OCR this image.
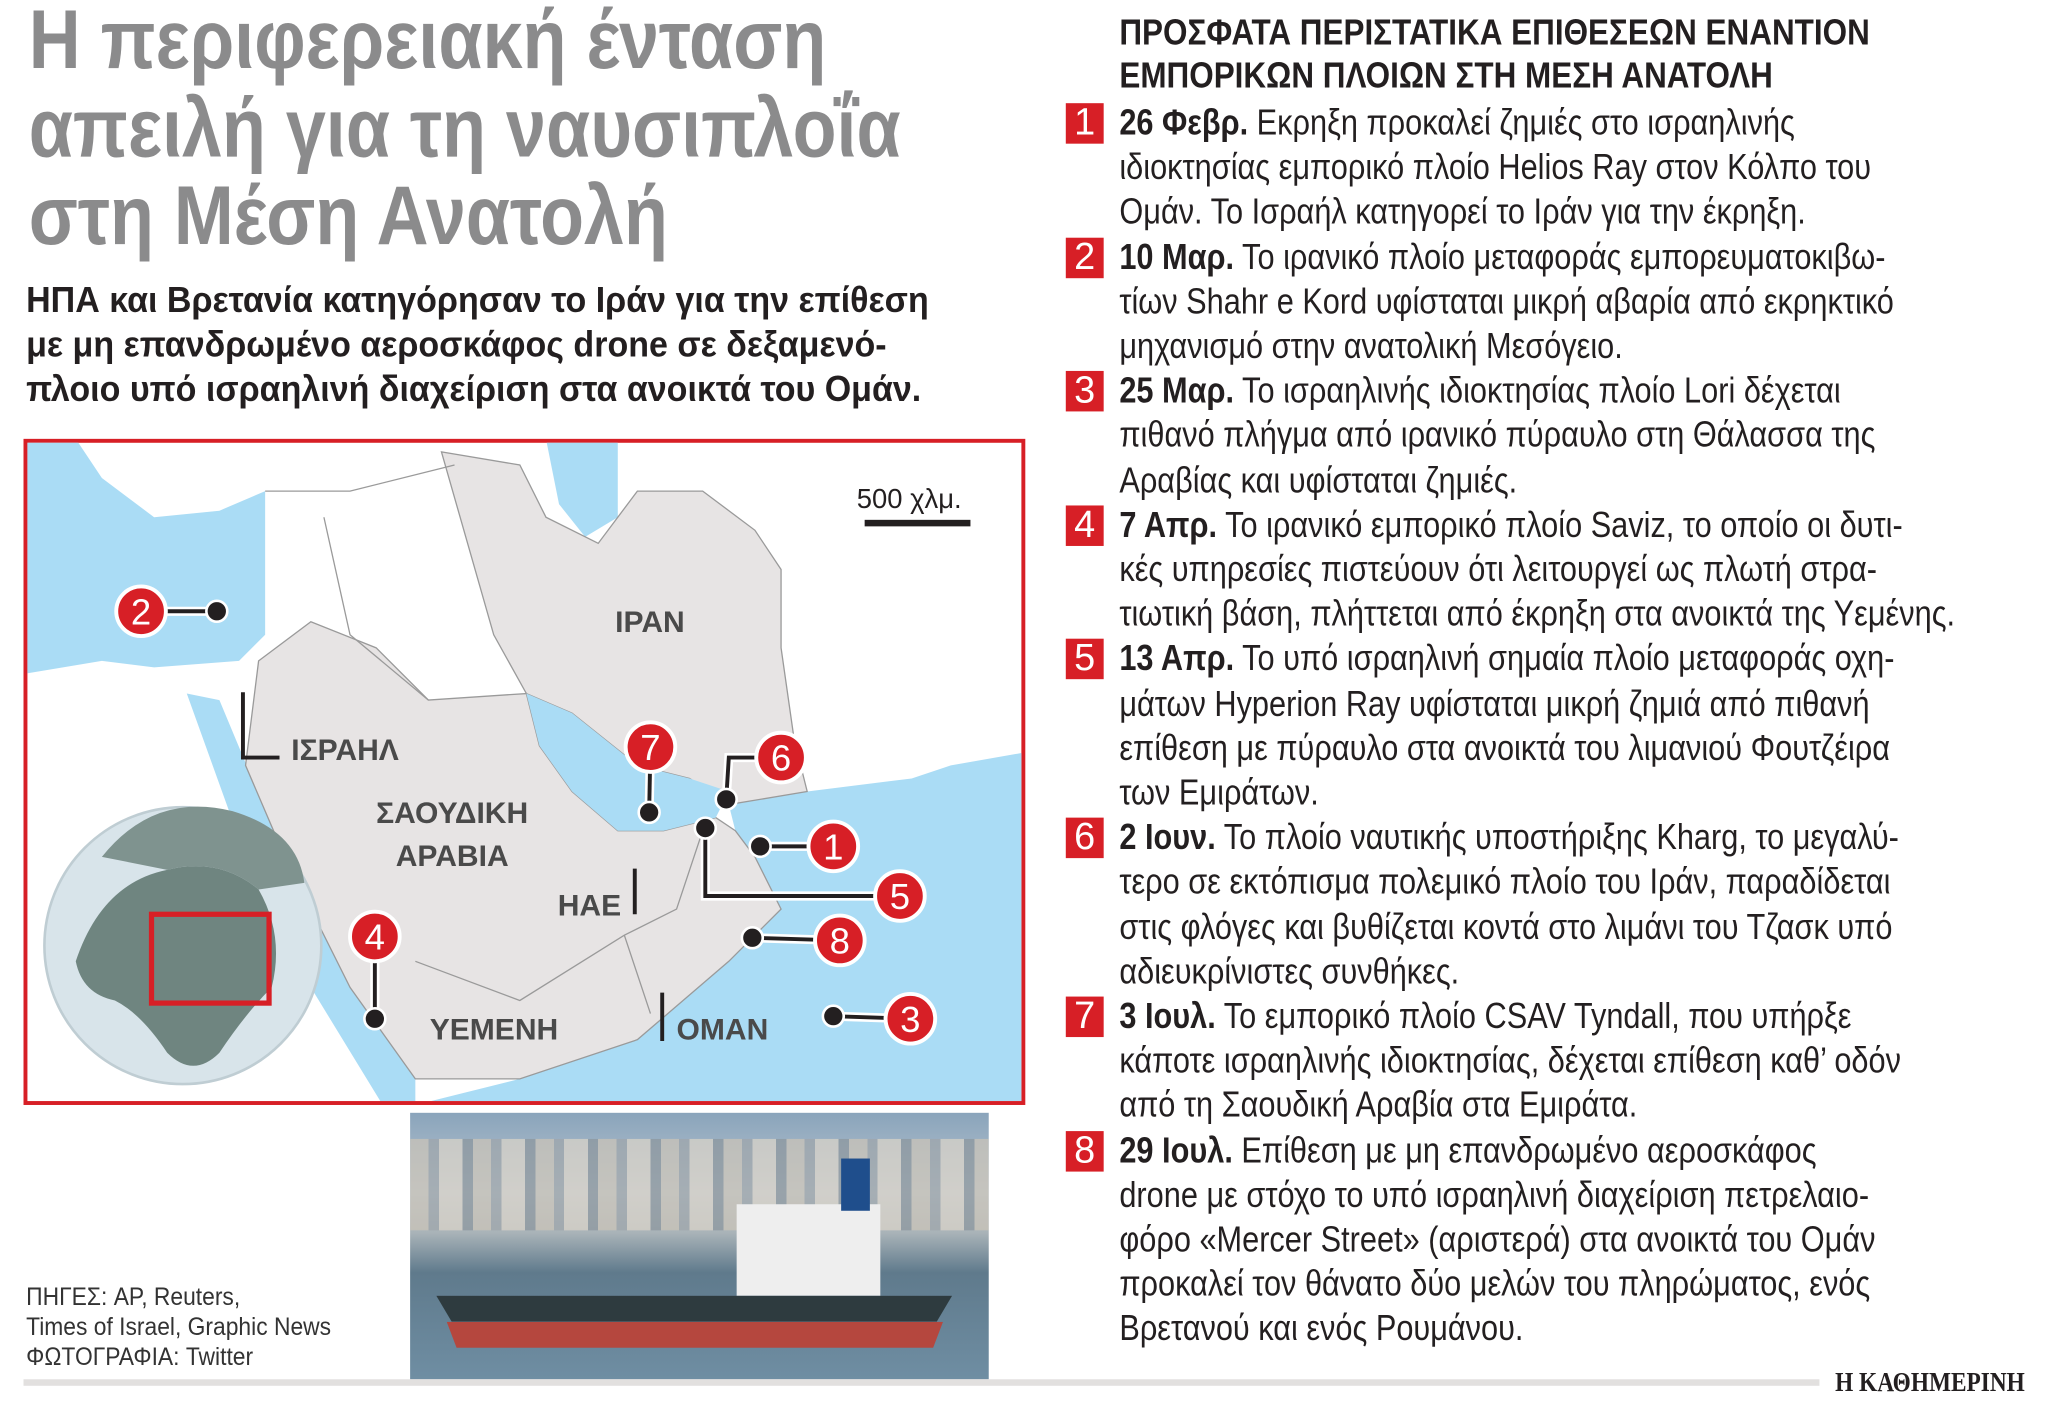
Η περιφερειακή ένταση
απειλή για τη ναυσιπλοΐα
στη Μέση Ανατολή
ΗΠΑ και Βρετανία κατηγόρησαν το Ιράν για την επίθεση
με μη επανδρωμένο αεροσκάφος drone σε δεξαμενό-
πλοιο υπό ισραηλινή διαχείριση στα ανοικτά του Ομάν.
500 χλμ.
ΙΡΑΝ
ΙΣΡΑΗΛ
ΣΑΟΥΔΙΚΗ
ΑΡΑΒΙΑ
ΗΑΕ
ΥΕΜΕΝΗ	ΟΜΑΝ
1
2
3
4
5
6
7
8
ΠΗΓΕΣ: AP, Reuters,
Times of Israel, Graphic News
ΦΩΤΟΓΡΑΦΙΑ: Twitter
ΠΡΟΣΦΑΤΑ ΠΕΡΙΣΤΑΤΙΚΑ ΕΠΙΘΕΣΕΩΝ ΕΝΑΝΤΙΟΝ
ΕΜΠΟΡΙΚΩΝ ΠΛΟΙΩΝ ΣΤΗ ΜΕΣΗ ΑΝΑΤΟΛΗ
1 26 Φεβρ. Εκρηξη προκαλεί ζημιές στο ισραηλινής
ιδιοκτησίας εμπορικό πλοίο Helios Ray στον Κόλπο του
Ομάν. Το Ισραήλ κατηγορεί το Ιράν για την έκρηξη.
2 10 Μαρ. Το ιρανικό πλοίο μεταφοράς εμπορευματοκιβω-
τίων Shahr e Kord υφίσταται μικρή αβαρία από εκρηκτικό
μηχανισμό στην ανατολική Μεσόγειο.
3 25 Μαρ. Το ισραηλινής ιδιοκτησίας πλοίο Lori δέχεται
πιθανό πλήγμα από ιρανικό πύραυλο στη Θάλασσα της
Αραβίας και υφίσταται ζημιές.
4 7 Απρ. Το ιρανικό εμπορικό πλοίο Saviz, το οποίο οι δυτι-
κές υπηρεσίες πιστεύουν ότι λειτουργεί ως πλωτή στρα-
τιωτική βάση, πλήττεται από έκρηξη στα ανοικτά της Υεμένης.
5 13 Απρ. Το υπό ισραηλινή σημαία πλοίο μεταφοράς οχη-
μάτων Hyperion Ray υφίσταται μικρή ζημιά από πιθανή
επίθεση με πύραυλο στα ανοικτά του λιμανιού Φουτζέιρα
των Εμιράτων.
6 2 Ιουν. Το πλοίο ναυτικής υποστήριξης Kharg, το μεγαλύ-
τερο σε εκτόπισμα πολεμικό πλοίο του Ιράν, παραδίδεται
στις φλόγες και βυθίζεται κοντά στο λιμάνι του Τζασκ υπό
αδιευκρίνιστες συνθήκες.
7 3 Ιουλ. Το εμπορικό πλοίο CSAV Tyndall, που υπήρξε
κάποτε ισραηλινής ιδιοκτησίας, δέχεται επίθεση καθ’ οδόν
από τη Σαουδική Αραβία στα Εμιράτα.
8 29 Ιουλ. Επίθεση με μη επανδρωμένο αεροσκάφος
drone με στόχο το υπό ισραηλινή διαχείριση πετρελαιο-
φόρο «Mercer Street» (αριστερά) στα ανοικτά του Ομάν
προκαλεί τον θάνατο δύο μελών του πληρώματος, ενός
Βρετανού και ενός Ρουμάνου.
Η ΚΑΘΗΜΕΡΙΝΗ
